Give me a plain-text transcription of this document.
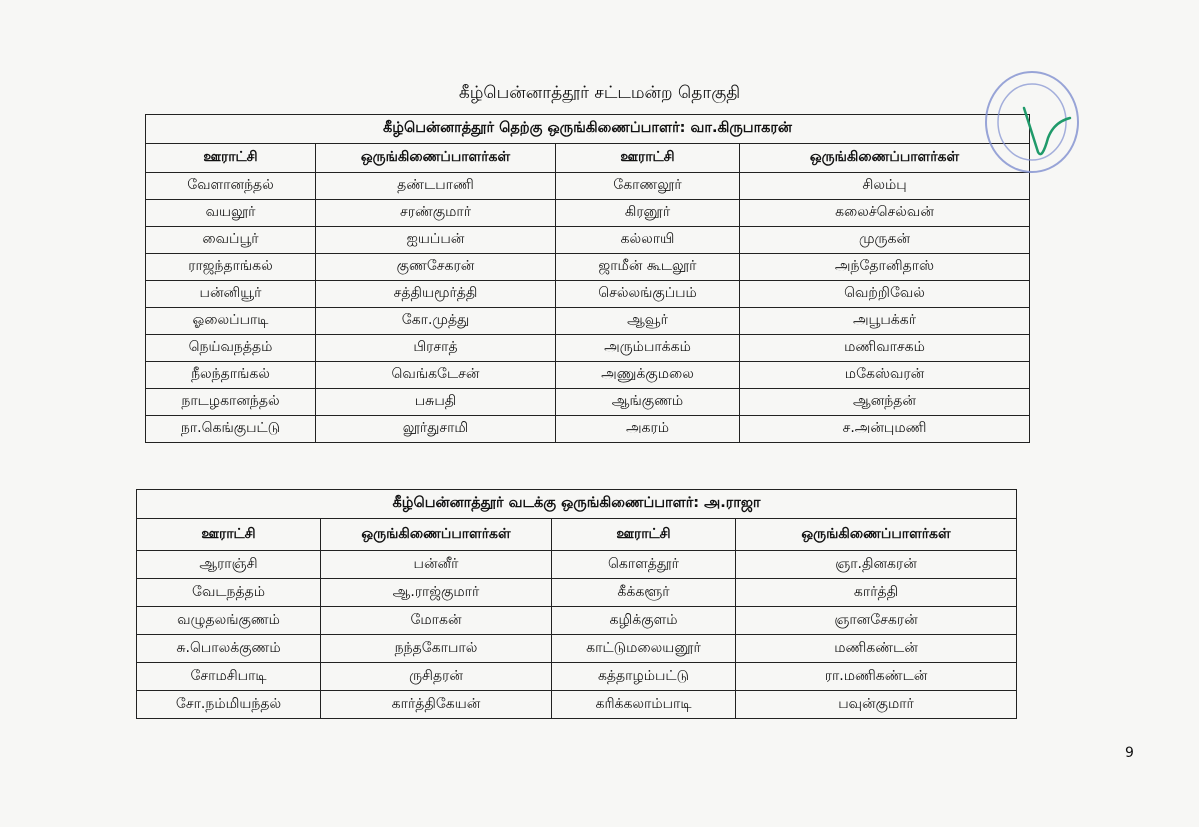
கீழ்பென்னாத்தூர் சட்டமன்ற தொகுதி
கீழ்பென்னாத்தூர் தெற்கு ஒருங்கிணைப்பாளர்: வா.கிருபாகரன்			
ஊராட்சி	ஒருங்கிணைப்பாளர்கள்	ஊராட்சி	ஒருங்கிணைப்பாளர்கள்
வேளானந்தல்	தண்டபாணி	கோணலூர்	சிலம்பு
வயலூர்	சரண்குமார்	கிரனூர்	கலைச்செல்வன்
வைப்பூர்	ஐயப்பன்	கல்லாயி	முருகன்
ராஜந்தாங்கல்	குணசேகரன்	ஜாமீன் கூடலூர்	அந்தோனிதாஸ்
பன்னியூர்	சத்தியமூர்த்தி	செல்லங்குப்பம்	வெற்றிவேல்
ஓலைப்பாடி	கோ.முத்து	ஆவூர்	அபூபக்கர்
நெய்வநத்தம்	பிரசாத்	அரும்பாக்கம்	மணிவாசகம்
நீலந்தாங்கல்	வெங்கடேசன்	அணுக்குமலை	மகேஸ்வரன்
நாடழகானந்தல்	பசுபதி	ஆங்குணம்	ஆனந்தன்
நா.கெங்குபட்டு	லூர்துசாமி	அகரம்	ச.அன்புமணி
கீழ்பென்னாத்தூர் வடக்கு ஒருங்கிணைப்பாளர்: அ.ராஜா			
ஊராட்சி	ஒருங்கிணைப்பாளர்கள்	ஊராட்சி	ஒருங்கிணைப்பாளர்கள்
ஆராஞ்சி	பன்னீர்	கொளத்தூர்	ஞா.தினகரன்
வேடநத்தம்	ஆ.ராஜ்குமார்	கீக்களூர்	கார்த்தி
வழுதலங்குணம்	மோகன்	கழிக்குளம்	ஞானசேகரன்
சு.பொலக்குணம்	நந்தகோபால்	காட்டுமலையனூர்	மணிகண்டன்
சோமசிபாடி	ருசிதரன்	கத்தாழம்பட்டு	ரா.மணிகண்டன்
சோ.நம்மியந்தல்	கார்த்திகேயன்	கரிக்கலாம்பாடி	பவுன்குமார்
9
